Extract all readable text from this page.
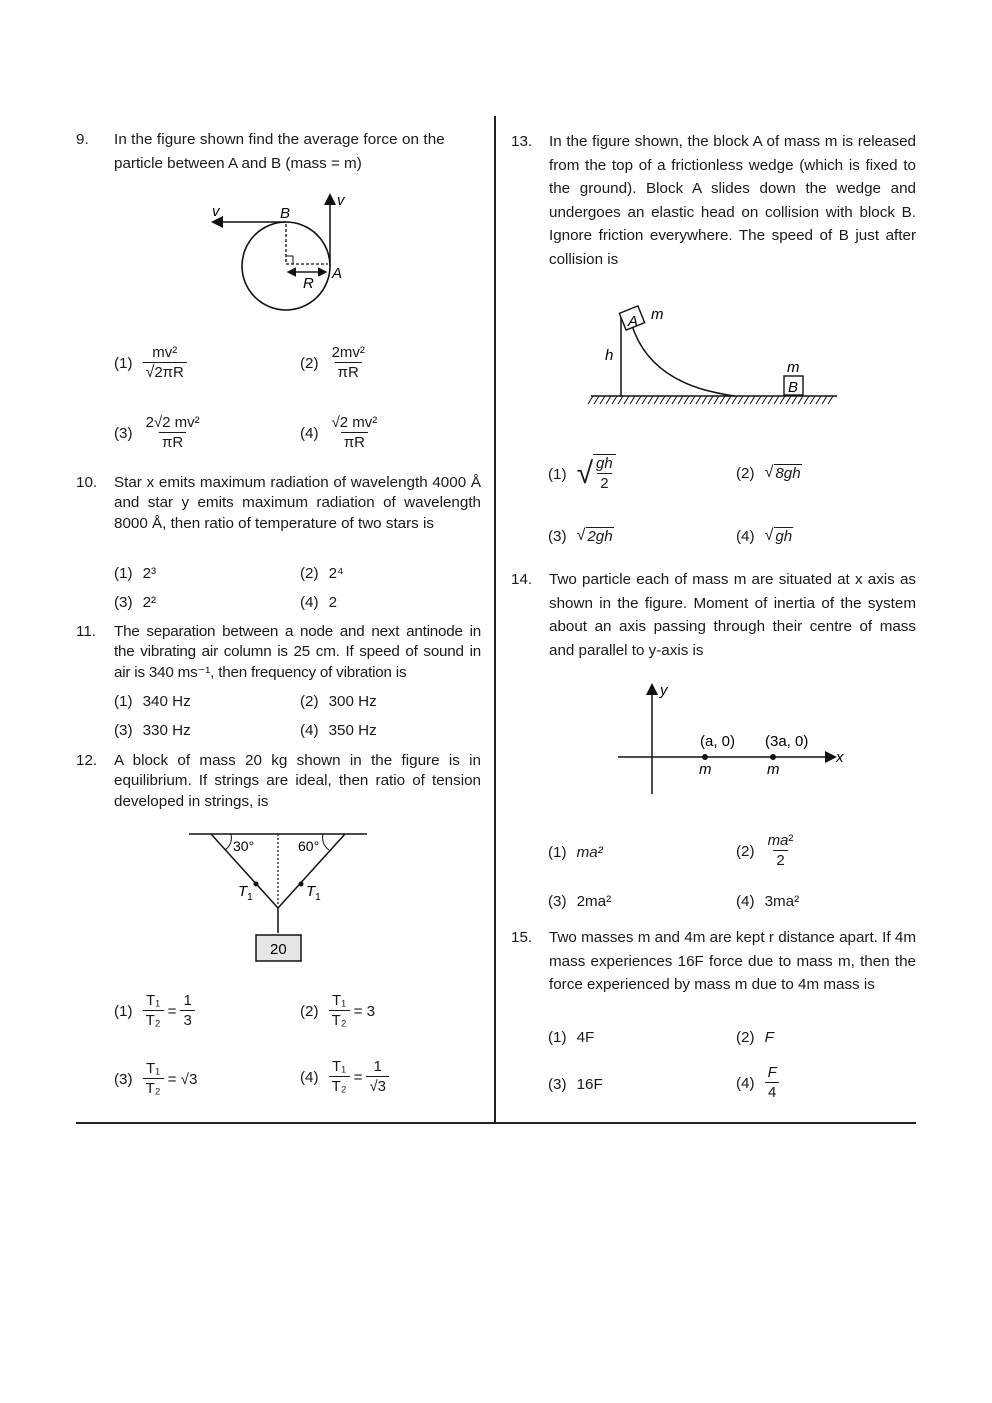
9. In the figure shown find the average force on the
particle between A and B (mass = m)
v
v
B
A
R
$(1) \frac{\text{mv²}}{√2\pi R}$	$(2) \frac{\text{2mv²}}{\pi R}$
$(3) \frac{\text{2√2 mv²}}{\pi R}$	$(4) \frac{\text{√2 mv²}}{\pi R}$
10. Star x emits maximum radiation of wavelength 4000 Å and star y emits maximum radiation of wavelength 8000 Å, then ratio of temperature of two stars is
(1) 2³	(2) 2⁴
(3) 2²	(4) 2
11. The separation between a node and next antinode in the vibrating air column is 25 cm. If speed of sound in air is 340 ms⁻¹, then frequency of vibration is
(1) 340 Hz	(2) 300 Hz
(3) 330 Hz	(4) 350 Hz
12. A block of mass 20 kg shown in the figure is in equilibrium. If strings are ideal, then ratio of tension developed in strings, is
30°	60°
$T_1$	$T_1$
20
$(1) \frac{\text{T₁}}{\text{T₂}} = \frac{1}{3}$	$(2) \frac{\text{T₁}}{\text{T₂}} = 3$
$(3) \frac{\text{T₁}}{\text{T₂}} = √3$	$(4) \frac{\text{T₁}}{\text{T₂}} = \frac{1}{√3}$
13. In the figure shown, the block A of mass m is released from the top of a frictionless wedge (which is fixed to the ground). Block A slides down the wedge and undergoes an elastic head on collision with block B. Ignore friction everywhere. The speed of B just after collision is
A m
h
m
B
(1) √ $\frac{gh}{2}$	(2) √ 8gh
(3) √ 2gh	(4) √ gh
14. Two particle each of mass m are situated at x axis as shown in the figure. Moment of inertia of the system about an axis passing through their centre of mass and parallel to y-axis is
y
x
(a, 0) (3a, 0)
m	m
(1) ma²	$(2) \frac{\text{ma²}}{2}$
(3) 2ma²	(4) 3ma²
15. Two masses m and 4m are kept r distance apart. If 4m mass experiences 16F force due to mass m, then the force experienced by mass m due to 4m mass is
(1) 4F	(2) F
(3) 16F	$(4) \frac{F}{4}$
